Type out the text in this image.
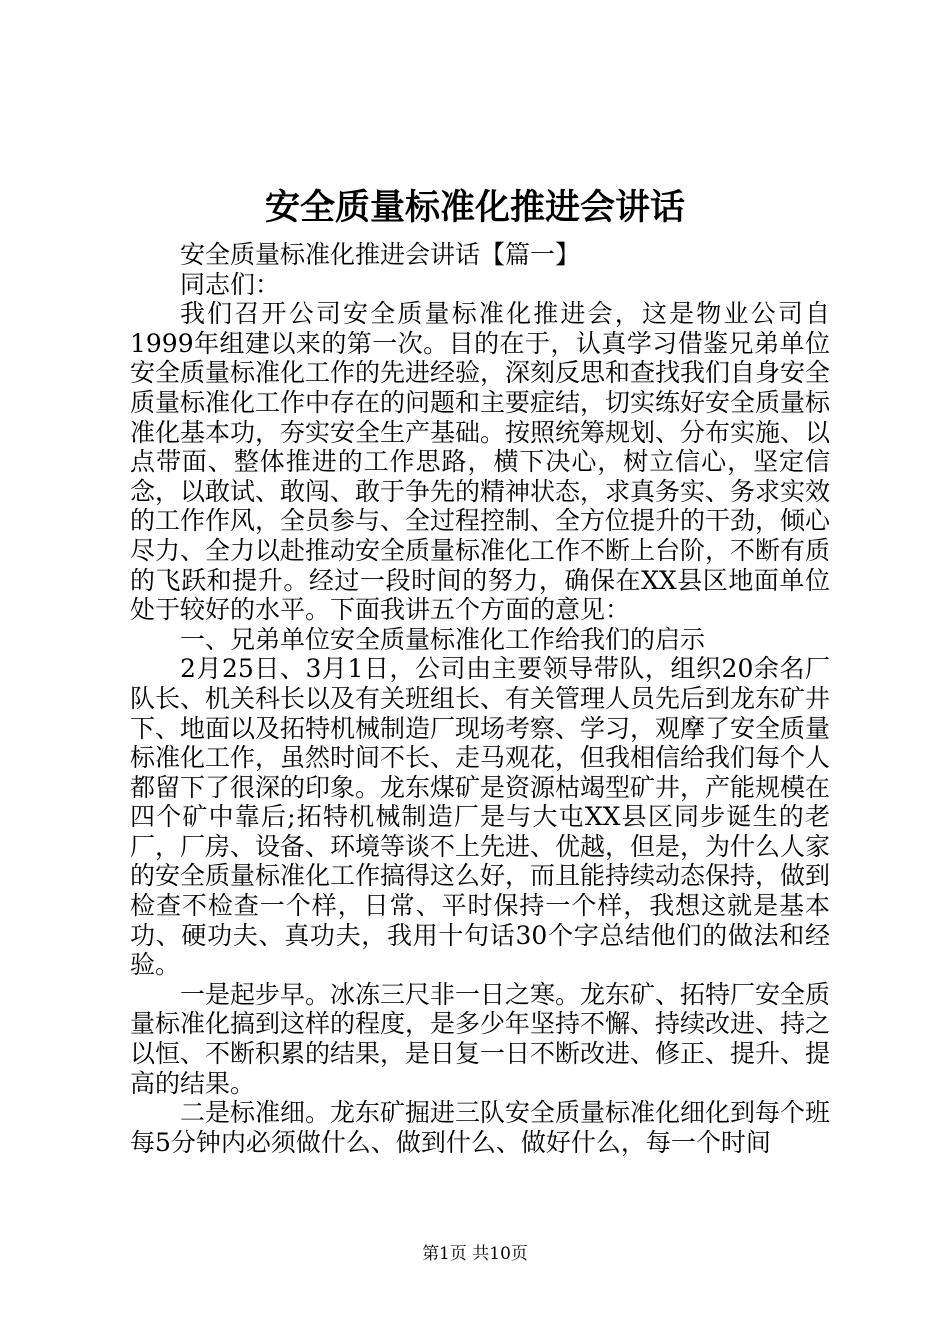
安全质量标准化推进会讲话

安全质量标准化推进会讲话【篇一】

同志们：

我们召开公司安全质量标准化推进会，这是物业公司自1999年组建以来的第一次。目的在于，认真学习借鉴兄弟单位安全质量标准化工作的先进经验，深刻反思和查找我们自身安全质量标准化工作中存在的问题和主要症结，切实练好安全质量标准化基本功，夯实安全生产基础。按照统筹规划、分布实施、以点带面、整体推进的工作思路，横下决心，树立信心，坚定信念，以敢试、敢闯、敢于争先的精神状态，求真务实、务求实效的工作作风，全员参与、全过程控制、全方位提升的干劲，倾心尽力、全力以赴推动安全质量标准化工作不断上台阶，不断有质的飞跃和提升。经过一段时间的努力，确保在XX县区地面单位处于较好的水平。下面我讲五个方面的意见：

一、兄弟单位安全质量标准化工作给我们的启示

2月25日、3月1日，公司由主要领导带队，组织20余名厂队长、机关科长以及有关班组长、有关管理人员先后到龙东矿井下、地面以及拓特机械制造厂现场考察、学习，观摩了安全质量标准化工作，虽然时间不长、走马观花，但我相信给我们每个人都留下了很深的印象。龙东煤矿是资源枯竭型矿井，产能规模在四个矿中靠后;拓特机械制造厂是与大屯XX县区同步诞生的老厂，厂房、设备、环境等谈不上先进、优越，但是，为什么人家的安全质量标准化工作搞得这么好，而且能持续动态保持，做到检查不检查一个样，日常、平时保持一个样，我想这就是基本功、硬功夫、真功夫，我用十句话30个字总结他们的做法和经验。

一是起步早。冰冻三尺非一日之寒。龙东矿、拓特厂安全质量标准化搞到这样的程度，是多少年坚持不懈、持续改进、持之以恒、不断积累的结果，是日复一日不断改进、修正、提升、提高的结果。

二是标准细。龙东矿掘进三队安全质量标准化细化到每个班每5分钟内必须做什么、做到什么、做好什么，每一个时间

第1页 共10页
